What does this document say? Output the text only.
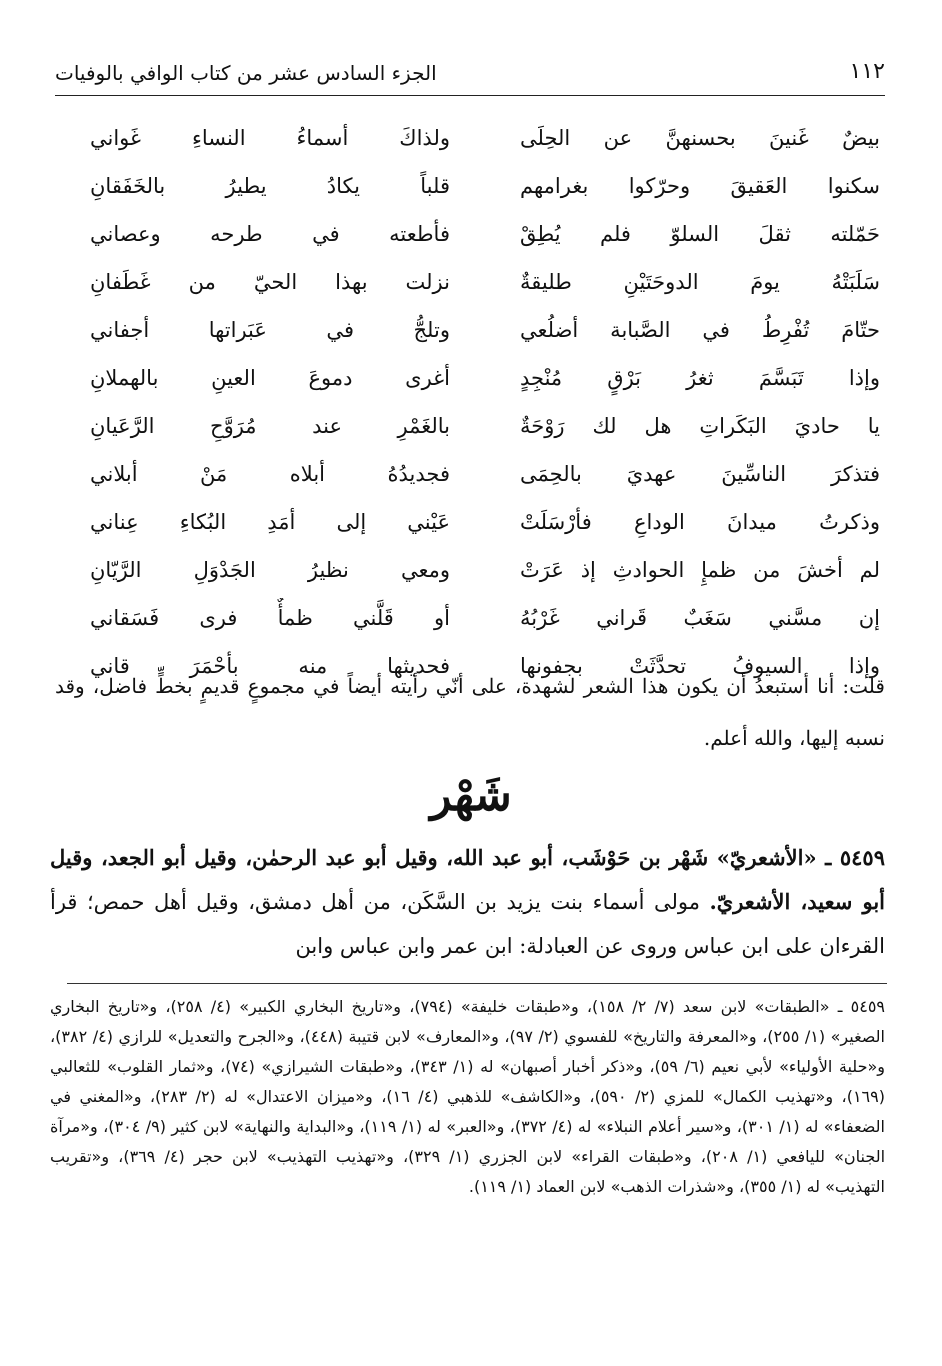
١١٢
الجزء السادس عشر من كتاب الوافي بالوفيات
بيضٌ غَنينَ بحسنهنَّ عن الحِلَى
ولذاكَ أسماءُ النساءِ غَواني
سكنوا العَقيقَ وحرّكوا بغرامهم
قلباً يكادُ يطيرُ بالخَفَقانِ
حَمّلته ثقلَ السلوّ فلم يُطِقْ
فأطعته في طرحه وعصاني
سَلَبَتْهُ يومَ الدوحَتَيْنِ طليقةٌ
نزلت بهذا الحيّ من غَطَفانِ
حتّامَ تُفْرِطُ في الصَّبابة أضلُعي
وتلجُّ في عَبَراتها أجفاني
وإذا تَبَسَّمَ ثغرُ بَرْقٍ مُنْجِدٍ
أغرى دموعَ العينِ بالهملانِ
يا حاديَ البَكَراتِ هل لك رَوْحَةٌ
بالغَمْرِ عند مُرَوَّحِ الرَّعَيانِ
فتذكرَ الناسِّينَ عهديَ بالحِمَى
فجديدُهُ أبلاه مَنْ أبلاني
وذكرتُ ميدانَ الوداعِ فأرْسَلَتْ
عَيْني إلى أمَدِ البُكاءِ عِناني
لم أخشَ من ظمإِ الحوادثِ إذ عَرَتْ
ومعي نظيرُ الجَدْوَلِ الرَّيّانِ
إن مسَّني سَغَبٌ قَراني غَرْبُهُ
أو قَلَّني ظمأٌ فرى فَسَقاني
وإذا السيوفُ تحدَّثَتْ بجفونها
فحديثها منه بأحْمَرَ قاني
قلت: أنا أستبعدُ أن يكون هذا الشعر لشهدة، على أنّي رأيته أيضاً في مجموعٍ قديمٍ بخطٍّ فاضل، وقد نسبه إليها، والله أعلم.
شَهْر
٥٤٥٩ ـ «الأشعريّ» شَهْر بن حَوْشَب، أبو عبد الله، وقيل أبو عبد الرحمٰن، وقيل أبو الجعد، وقيل أبو سعيد، الأشعريّ. مولى أسماء بنت يزيد بن السَّكَن، من أهل دمشق، وقيل أهل حمص؛ قرأ القرءان على ابن عباس وروى عن العبادلة: ابن عمر وابن عباس وابن
٥٤٥٩ ـ «الطبقات» لابن سعد (٧/ ٢/ ١٥٨)، و«طبقات خليفة» (٧٩٤)، و«تاريخ البخاري الكبير» (٤/ ٢٥٨)، و«تاريخ البخاري الصغير» (١/ ٢٥٥)، و«المعرفة والتاريخ» للفسوي (٢/ ٩٧)، و«المعارف» لابن قتيبة (٤٤٨)، و«الجرح والتعديل» للرازي (٤/ ٣٨٢)، و«حلية الأولياء» لأبي نعيم (٦/ ٥٩)، و«ذكر أخبار أصبهان» له (١/ ٣٤٣)، و«طبقات الشيرازي» (٧٤)، و«ثمار القلوب» للثعالبي (١٦٩)، و«تهذيب الكمال» للمزي (٢/ ٥٩٠)، و«الكاشف» للذهبي (٤/ ١٦)، و«ميزان الاعتدال» له (٢/ ٢٨٣)، و«المغني في الضعفاء» له (١/ ٣٠١)، و«سير أعلام النبلاء» له (٤/ ٣٧٢)، و«العبر» له (١/ ١١٩)، و«البداية والنهاية» لابن كثير (٩/ ٣٠٤)، و«مرآة الجنان» لليافعي (١/ ٢٠٨)، و«طبقات القراء» لابن الجزري (١/ ٣٢٩)، و«تهذيب التهذيب» لابن حجر (٤/ ٣٦٩)، و«تقريب التهذيب» له (١/ ٣٥٥)، و«شذرات الذهب» لابن العماد (١/ ١١٩).
